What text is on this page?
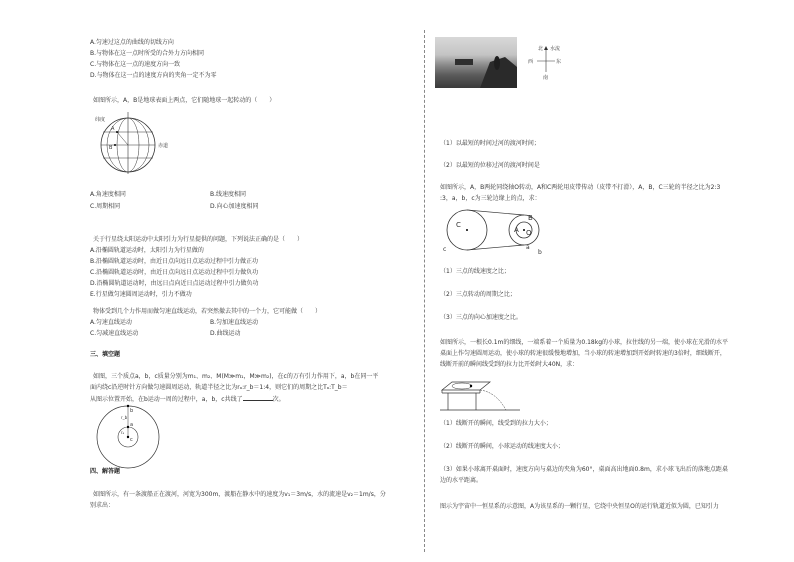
A.匀速过这点的曲线的切线方向
B.与物体在这一点时所受的合外力方向相同
C.与物体在这一点的速度方向一致
D.与物体在这一点的速度方向的夹角一定不为零
如图所示，A，B是地球表面上两点，它们随地球一起转动的（　　）
纬度
A
B	赤道
A.角速度相同	B.线速度相同
C.周期相同	D.向心加速度相同
关于行星绕太阳运动中太阳引力为行星提供的问题，下列说法正确的是（　　）
A.沿椭圆轨道运动时，太阳引力为行星做的
B.沿椭圆轨道运动时，由近日点向远日点运动过程中引力做正功
C.沿椭圆轨道运动时，由近日点向远日点运动过程中引力做负功
D.沿椭圆轨道运动时，由远日点向近日点运动过程中引力做负功
E.行星做匀速圆周运动时，引力不做功
物体受到几个力作用而做匀速直线运动，若突然撤去其中的一个力，它可能做（　　）
A.匀速直线运动	B.匀加速直线运动
C.匀减速直线运动	D.曲线运动
三、填空题
如图，三个质点a，b，c质量分别为m₁、m₂、M(M≫m₁，M≫m₂)，在c的万有引力作用下，a，b在同一平
面内绕c沿逆时针方向做匀速圆周运动，轨道半径之比为rₐ:r_b＝1:4，则它们的周期之比Tₐ:T_b＝
从图示位置开始，在b运动一周的过程中，a，b，c共线了	次。
b
a
c
rₐ
r_b
四、解答题
如图所示，有一条渡船正在渡河，河宽为300m，渡船在静水中的速度为v₁＝3m/s，水的流速是v₂＝1m/s，分
别求出：
北 水流
西	东
南
（1）以最短的时间过河的渡河时间；
（2）以最短的位移过河的渡河时间是
如图所示，A，B两轮同绕轴O转动，A和C两轮用皮带传动（皮带不打滑），A，B，C三轮的半径之比为2:3
:3，a，b，c为三轮边缘上的点，求：
C
B
A O
c	a
b
（1）三点的线速度之比；
（2）三点转动的周期之比；
（3）三点的向心加速度之比。
如图所示，一根长0.1m的细线，一端系着一个质量为0.18kg的小球，拉住线的另一端，使小球在光滑的水平
桌面上作匀速圆周运动，使小球的转速很缓慢地增加，当小球的转速增加到开始时转速的3倍时，细线断开，
线断开前的瞬间线受到的拉力比开始时大40N，求：
（1）线断开的瞬间，线受到的拉力大小；
（2）线断开的瞬间，小球运动的线速度大小；
（3）如果小球离开桌面时，速度方向与桌边的夹角为60°，桌面高出地面0.8m，求小球飞出后的落地点距桌
边的水平距离。
图示为宇宙中一恒星系的示意图，A为该星系的一颗行星，它绕中央恒星O的运行轨道近似为圆，已知引力
